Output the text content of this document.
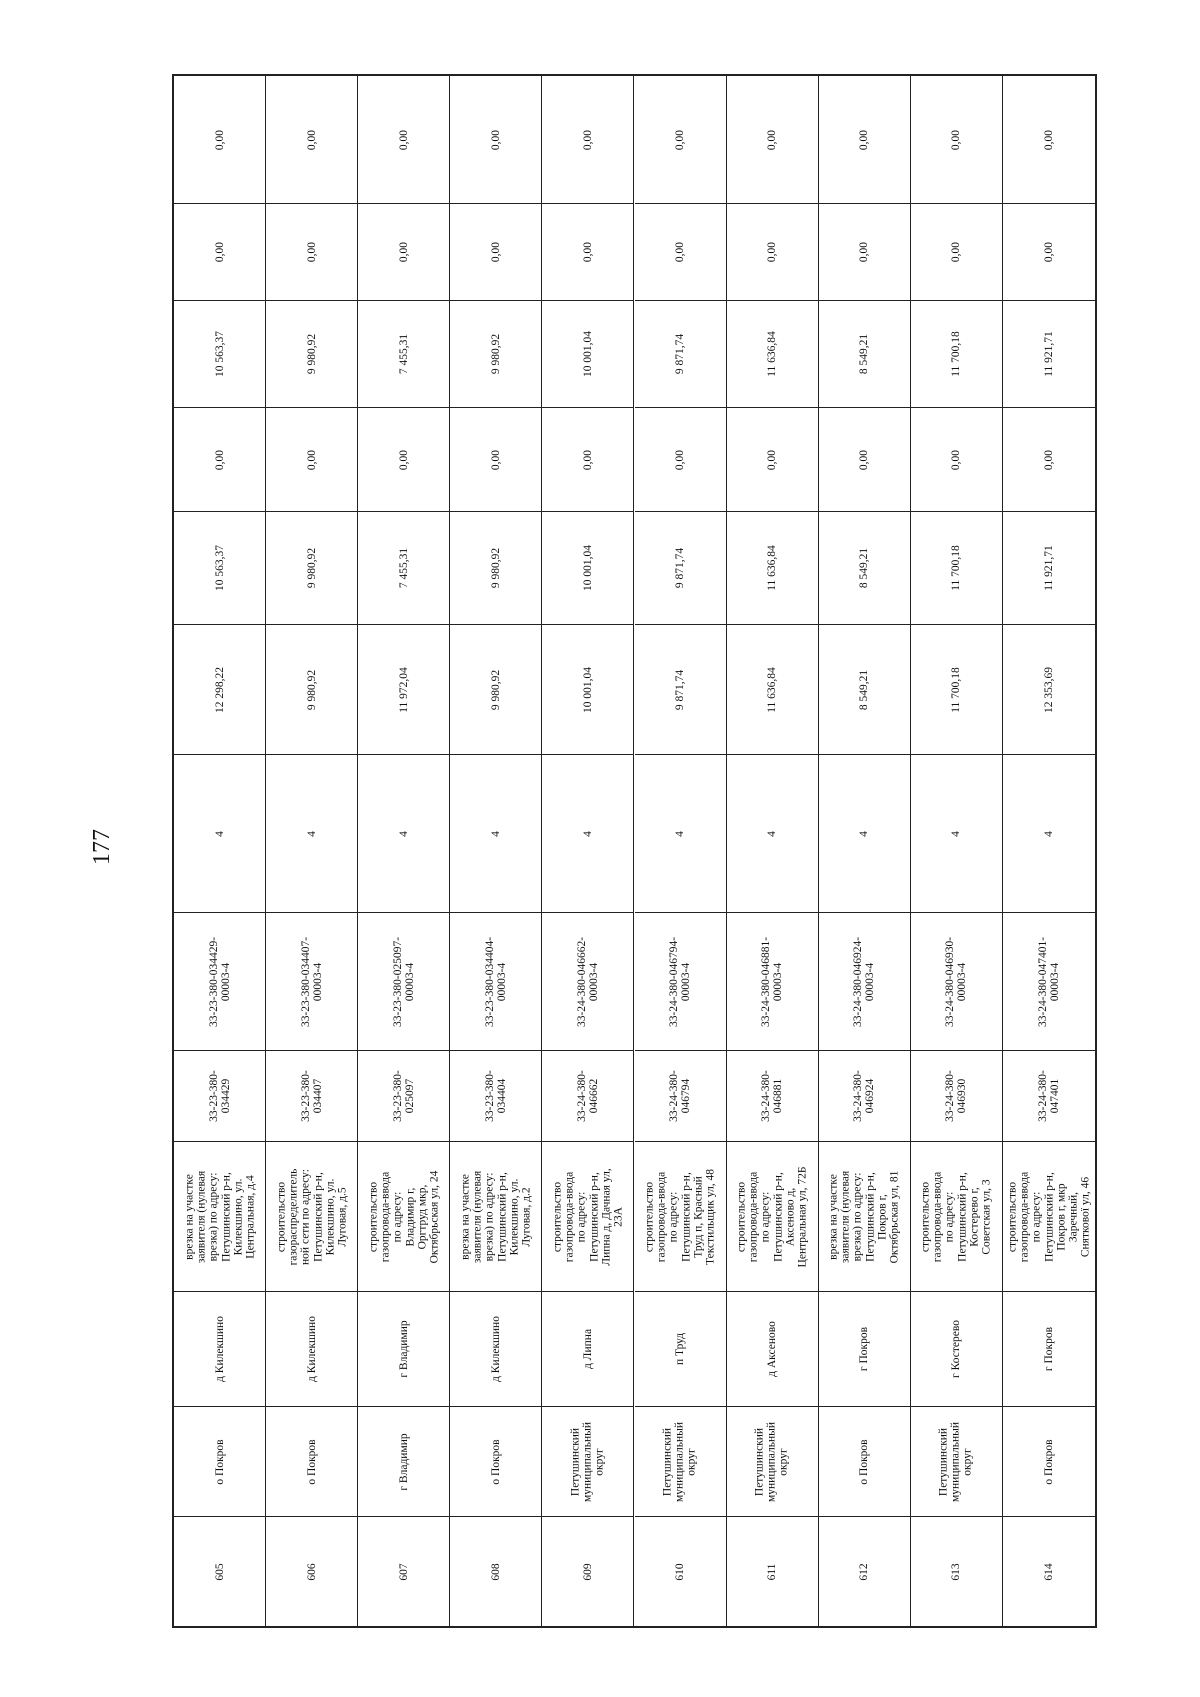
177
605
о Покров
д Килекшино
врезка на участке
заявителя (нулевая
врезка) по адресу:
Петушинский р-н,
Килекшино, ул.
Центральная, д.4
33-23-380-
034429
33-23-380-034429-
00003-4
4
12 298,22
10 563,37
0,00
10 563,37
0,00
0,00
606
о Покров
д Килекшино
строительство
газораспределитель
ной сети по адресу:
Петушинский р-н,
Килекшино, ул.
Луговая, д.5
33-23-380-
034407
33-23-380-034407-
00003-4
4
9 980,92
9 980,92
0,00
9 980,92
0,00
0,00
607
г Владимир
г Владимир
строительство
газопровода-ввода
по адресу:
Владимир г,
Оргтруд мкр,
Октябрьская ул, 24
33-23-380-
025097
33-23-380-025097-
00003-4
4
11 972,04
7 455,31
0,00
7 455,31
0,00
0,00
608
о Покров
д Килекшино
врезка на участке
заявителя (нулевая
врезка) по адресу:
Петушинский р-н,
Килекшино, ул.
Луговая, д.2
33-23-380-
034404
33-23-380-034404-
00003-4
4
9 980,92
9 980,92
0,00
9 980,92
0,00
0,00
609
Петушинский
муниципальный
округ
д Липна
строительство
газопровода-ввода
по адресу:
Петушинский р-н,
Липна д, Дачная ул,
23А
33-24-380-
046662
33-24-380-046662-
00003-4
4
10 001,04
10 001,04
0,00
10 001,04
0,00
0,00
610
Петушинский
муниципальный
округ
п Труд
строительство
газопровода-ввода
по адресу:
Петушинский р-н,
Труд п, Красный
Текстильщик ул, 48
33-24-380-
046794
33-24-380-046794-
00003-4
4
9 871,74
9 871,74
0,00
9 871,74
0,00
0,00
611
Петушинский
муниципальный
округ
д Аксеново
строительство
газопровода-ввода
по адресу:
Петушинский р-н,
Аксеново д,
Центральная ул, 72Б
33-24-380-
046881
33-24-380-046881-
00003-4
4
11 636,84
11 636,84
0,00
11 636,84
0,00
0,00
612
о Покров
г Покров
врезка на участке
заявителя (нулевая
врезка) по адресу:
Петушинский р-н,
Покров г,
Октябрьская ул, 81
33-24-380-
046924
33-24-380-046924-
00003-4
4
8 549,21
8 549,21
0,00
8 549,21
0,00
0,00
613
Петушинский
муниципальный
округ
г Костерево
строительство
газопровода-ввода
по адресу:
Петушинский р-н,
Костерево г,
Советская ул, 3
33-24-380-
046930
33-24-380-046930-
00003-4
4
11 700,18
11 700,18
0,00
11 700,18
0,00
0,00
614
о Покров
г Покров
строительство
газопровода-ввода
по адресу:
Петушинский р-н,
Покров г, мкр
Заречный,
Сняткової ул, 46
33-24-380-
047401
33-24-380-047401-
00003-4
4
12 353,69
11 921,71
0,00
11 921,71
0,00
0,00
